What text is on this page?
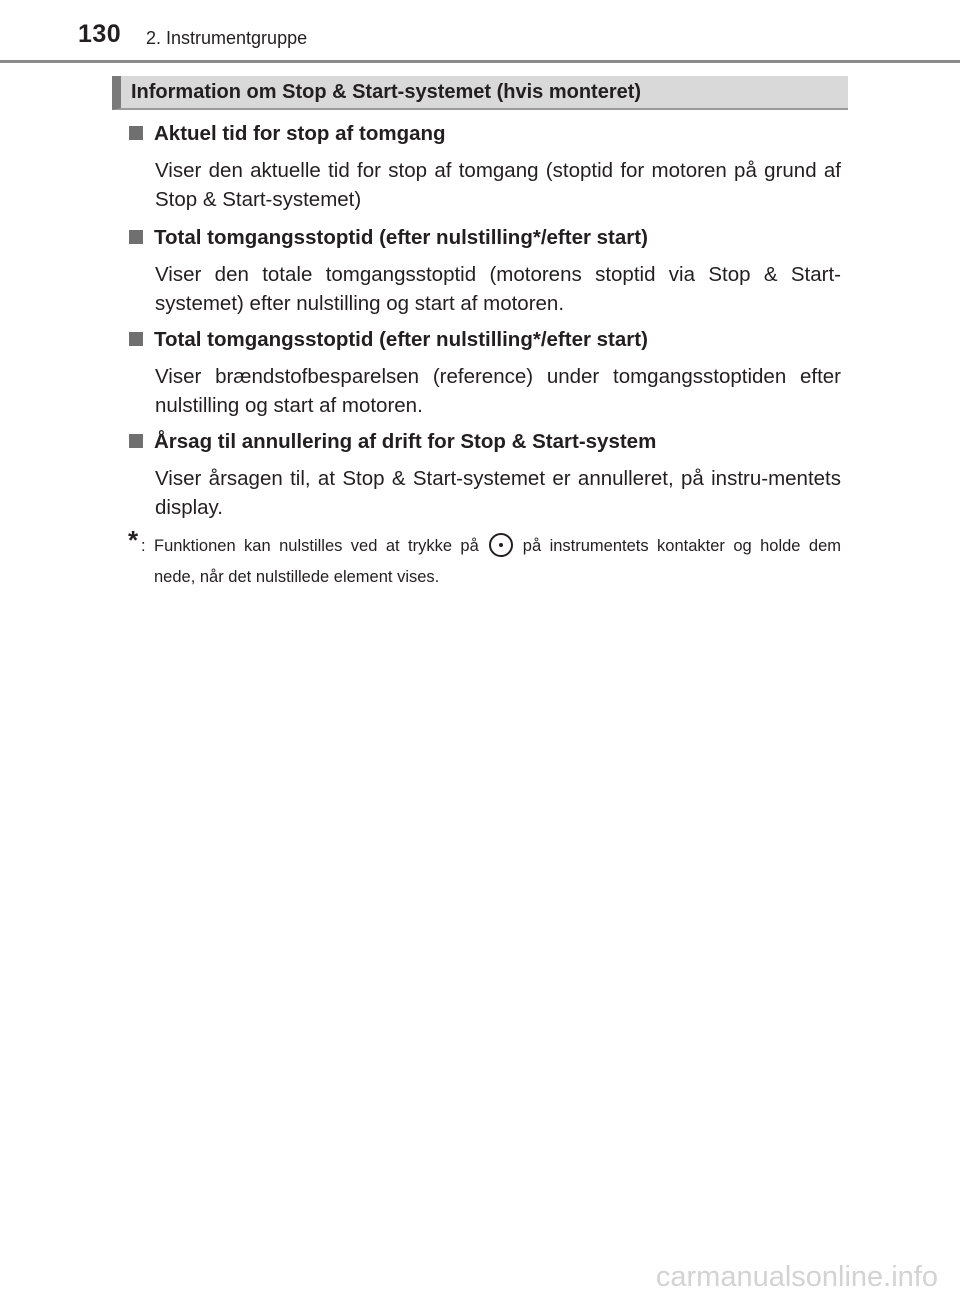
130 2. Instrumentgruppe
Information om Stop & Start-systemet (hvis monteret)
Aktuel tid for stop af tomgang
Viser den aktuelle tid for stop af tomgang (stoptid for motoren på grund af Stop & Start-systemet)
Total tomgangsstoptid (efter nulstilling*/efter start)
Viser den totale tomgangsstoptid (motorens stoptid via Stop & Start-systemet) efter nulstilling og start af motoren.
Total tomgangsstoptid (efter nulstilling*/efter start)
Viser brændstofbesparelsen (reference) under tomgangsstoptiden efter nulstilling og start af motoren.
Årsag til annullering af drift for Stop & Start-system
Viser årsagen til, at Stop & Start-systemet er annulleret, på instru-mentets display.
* : Funktionen kan nulstilles ved at trykke på	på instrumentets kontakter og holde dem nede, når det nulstillede element vises.
carmanualsonline.info
